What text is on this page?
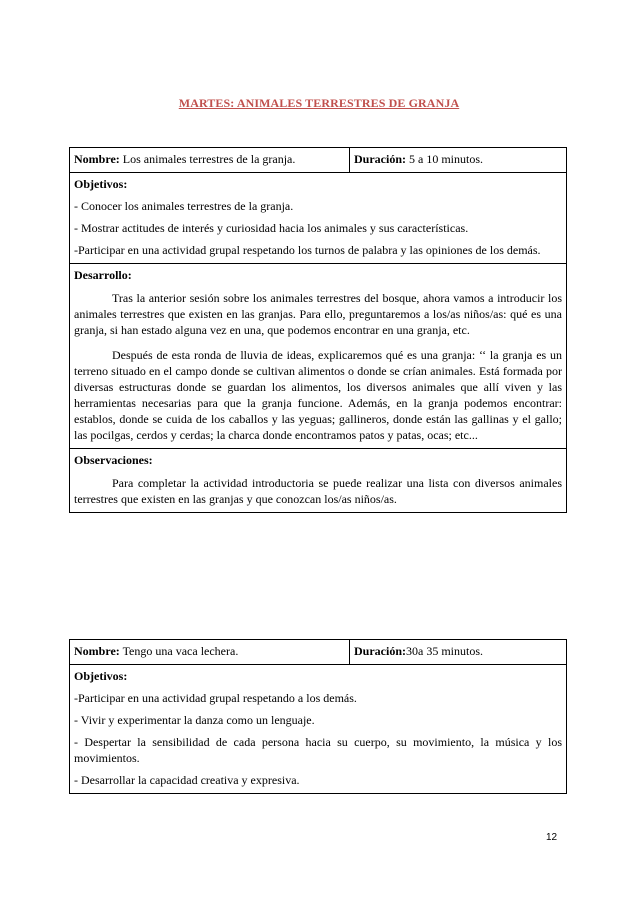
MARTES: ANIMALES TERRESTRES DE GRANJA
Nombre: Los animales terrestres de la granja.	Duración: 5 a 10 minutos.

Objetivos:

- Conocer los animales terrestres de la granja.

- Mostrar actitudes de interés y curiosidad hacia los animales y sus características.

-Participar en una actividad grupal respetando los turnos de palabra y las opiniones de los demás.

Desarrollo:

Tras la anterior sesión sobre los animales terrestres del bosque, ahora vamos a introducir los animales terrestres que existen en las granjas. Para ello, preguntaremos a los/as niños/as: qué es una granja, si han estado alguna vez en una, que podemos encontrar en una granja, etc.

Después de esta ronda de lluvia de ideas, explicaremos qué es una granja: ‘‘ la granja es un terreno situado en el campo donde se cultivan alimentos o donde se crían animales. Está formada por diversas estructuras donde se guardan los alimentos, los diversos animales que allí viven y las herramientas necesarias para que la granja funcione. Además, en la granja podemos encontrar: establos, donde se cuida de los caballos y las yeguas; gallineros, donde están las gallinas y el gallo; las pocilgas, cerdos y cerdas; la charca donde encontramos patos y patas, ocas; etc...

Observaciones:

Para completar la actividad introductoria se puede realizar una lista con diversos animales terrestres que existen en las granjas y que conozcan los/as niños/as.

Nombre: Tengo una vaca lechera.	Duración:30a 35 minutos.

Objetivos:

-Participar en una actividad grupal respetando a los demás.

- Vivir y experimentar la danza como un lenguaje.

- Despertar la sensibilidad de cada persona hacia su cuerpo, su movimiento, la música y los movimientos.

- Desarrollar la capacidad creativa y expresiva.

12
